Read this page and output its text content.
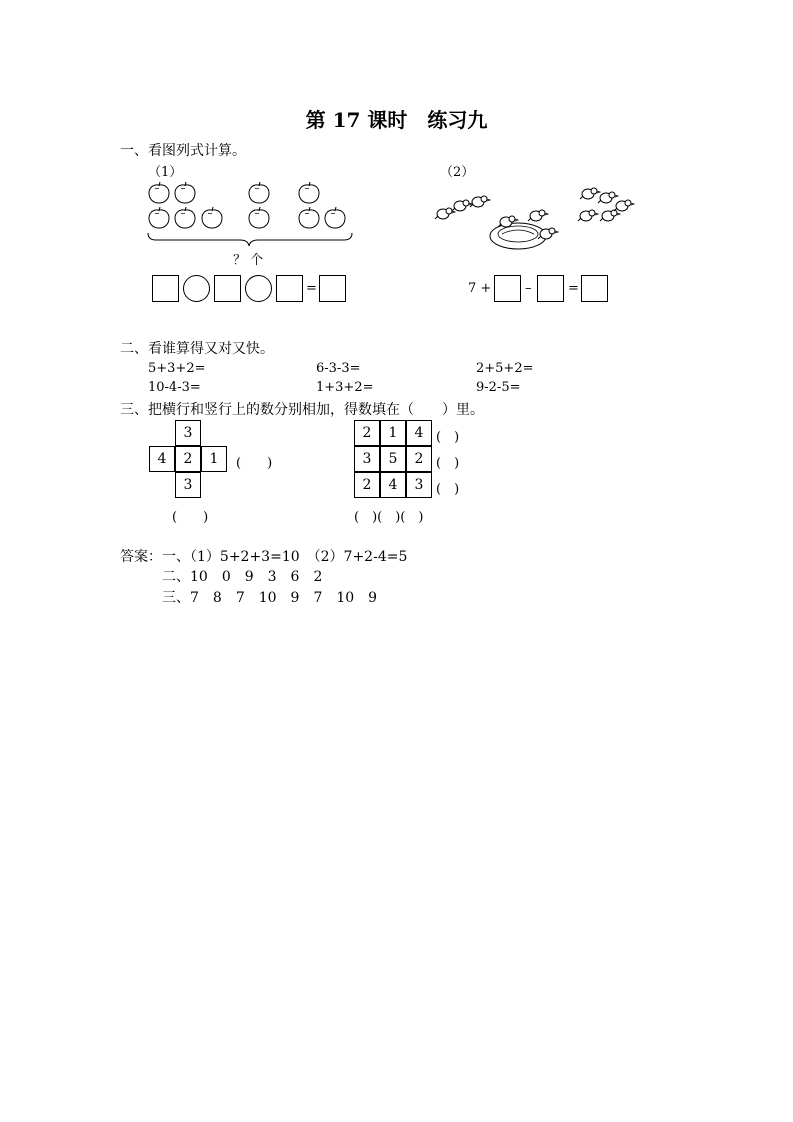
第 17 课时　练习九
一、看图列式计算。
（1）	（2）
？ 个
=	7 +	–	=
二、看谁算得又对又快。
5+3+2=	6-3-3=	2+5+2=
10-4-3=	1+3+2=	9-2-5=
三、把横行和竖行上的数分别相加，得数填在（　　）里。
3
4	2	1
3
(　　)
(　　)
2	1	4
3	5	2
2	4	3
(　)
(　)
(　)
(　)(　)(　)
答案：一、（1）5+2+3=10　（2）7+2-4=5
二、10　0　9　3　6　2
三、7　8　7　10　9　7　10　9
